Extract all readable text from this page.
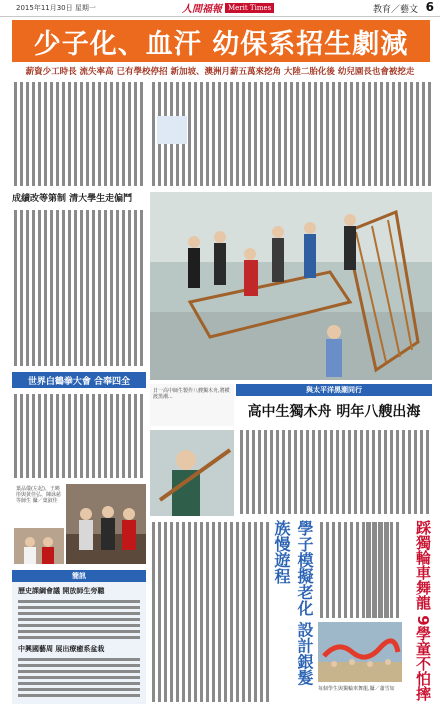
2015年11月30日 星期一	人間福報 Merit Times	教育／藝文 6
少子化、血汗 幼保系招生劇減
薪資少工時長 流失率高 已有學校停招 新加坡、澳洲月薪五萬來挖角 大陸二胎化後 幼兒園長也會被挖走
成績改等第制 清大學生走偏鬥
世界白鶴拳大會 合奉四全
葉品儀(左起)、王曉彤與黃佳弘、陳詠慈等師生 攝／葉淑佳
簡訊
歷史課綱會議 開放師生旁聽
中興國藝周 展出療癒系盆栽
日一高中師生製作八艘獨木舟,將横渡黑潮...
與太平洋黑潮同行
高中生獨木舟 明年八艘出海
學子模擬老化 設計銀髮族慢遊程	踩獨輪車舞龍 9學童不怕摔
每個學生與獨輪車舞龍,攝／蕭雪如
